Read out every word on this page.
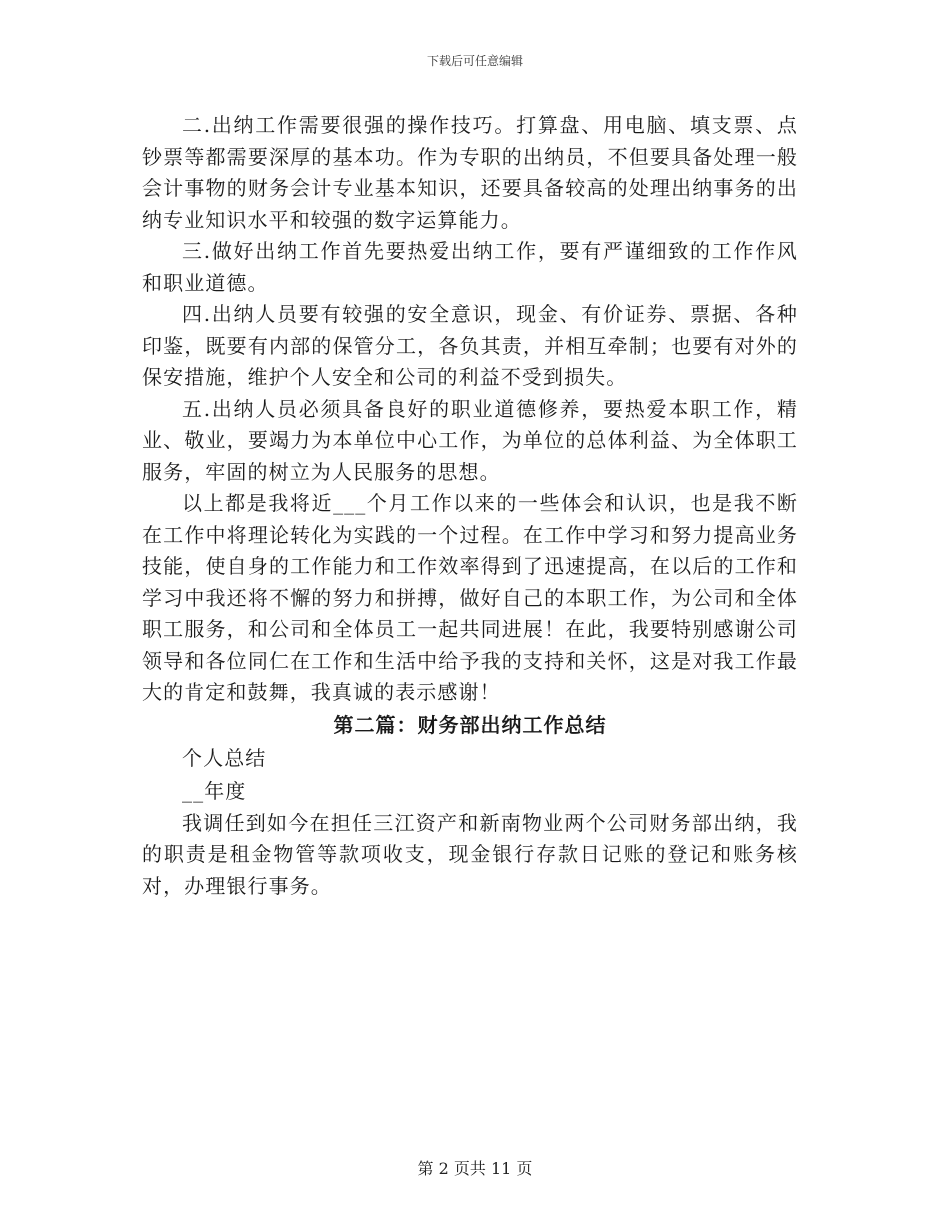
下载后可任意编辑

二.出纳工作需要很强的操作技巧。打算盘、用电脑、填支票、点钞票等都需要深厚的基本功。作为专职的出纳员，不但要具备处理一般会计事物的财务会计专业基本知识，还要具备较高的处理出纳事务的出纳专业知识水平和较强的数字运算能力。

三.做好出纳工作首先要热爱出纳工作，要有严谨细致的工作作风和职业道德。

四.出纳人员要有较强的安全意识，现金、有价证券、票据、各种印鉴，既要有内部的保管分工，各负其责，并相互牵制；也要有对外的保安措施，维护个人安全和公司的利益不受到损失。

五.出纳人员必须具备良好的职业道德修养，要热爱本职工作，精业、敬业，要竭力为本单位中心工作，为单位的总体利益、为全体职工服务，牢固的树立为人民服务的思想。

以上都是我将近___个月工作以来的一些体会和认识，也是我不断在工作中将理论转化为实践的一个过程。在工作中学习和努力提高业务技能，使自身的工作能力和工作效率得到了迅速提高，在以后的工作和学习中我还将不懈的努力和拼搏，做好自己的本职工作，为公司和全体职工服务，和公司和全体员工一起共同进展！在此，我要特别感谢公司领导和各位同仁在工作和生活中给予我的支持和关怀，这是对我工作最大的肯定和鼓舞，我真诚的表示感谢！

第二篇：财务部出纳工作总结

个人总结

__年度

我调任到如今在担任三江资产和新南物业两个公司财务部出纳，我的职责是租金物管等款项收支，现金银行存款日记账的登记和账务核对，办理银行事务。

第 2 页共 11 页
